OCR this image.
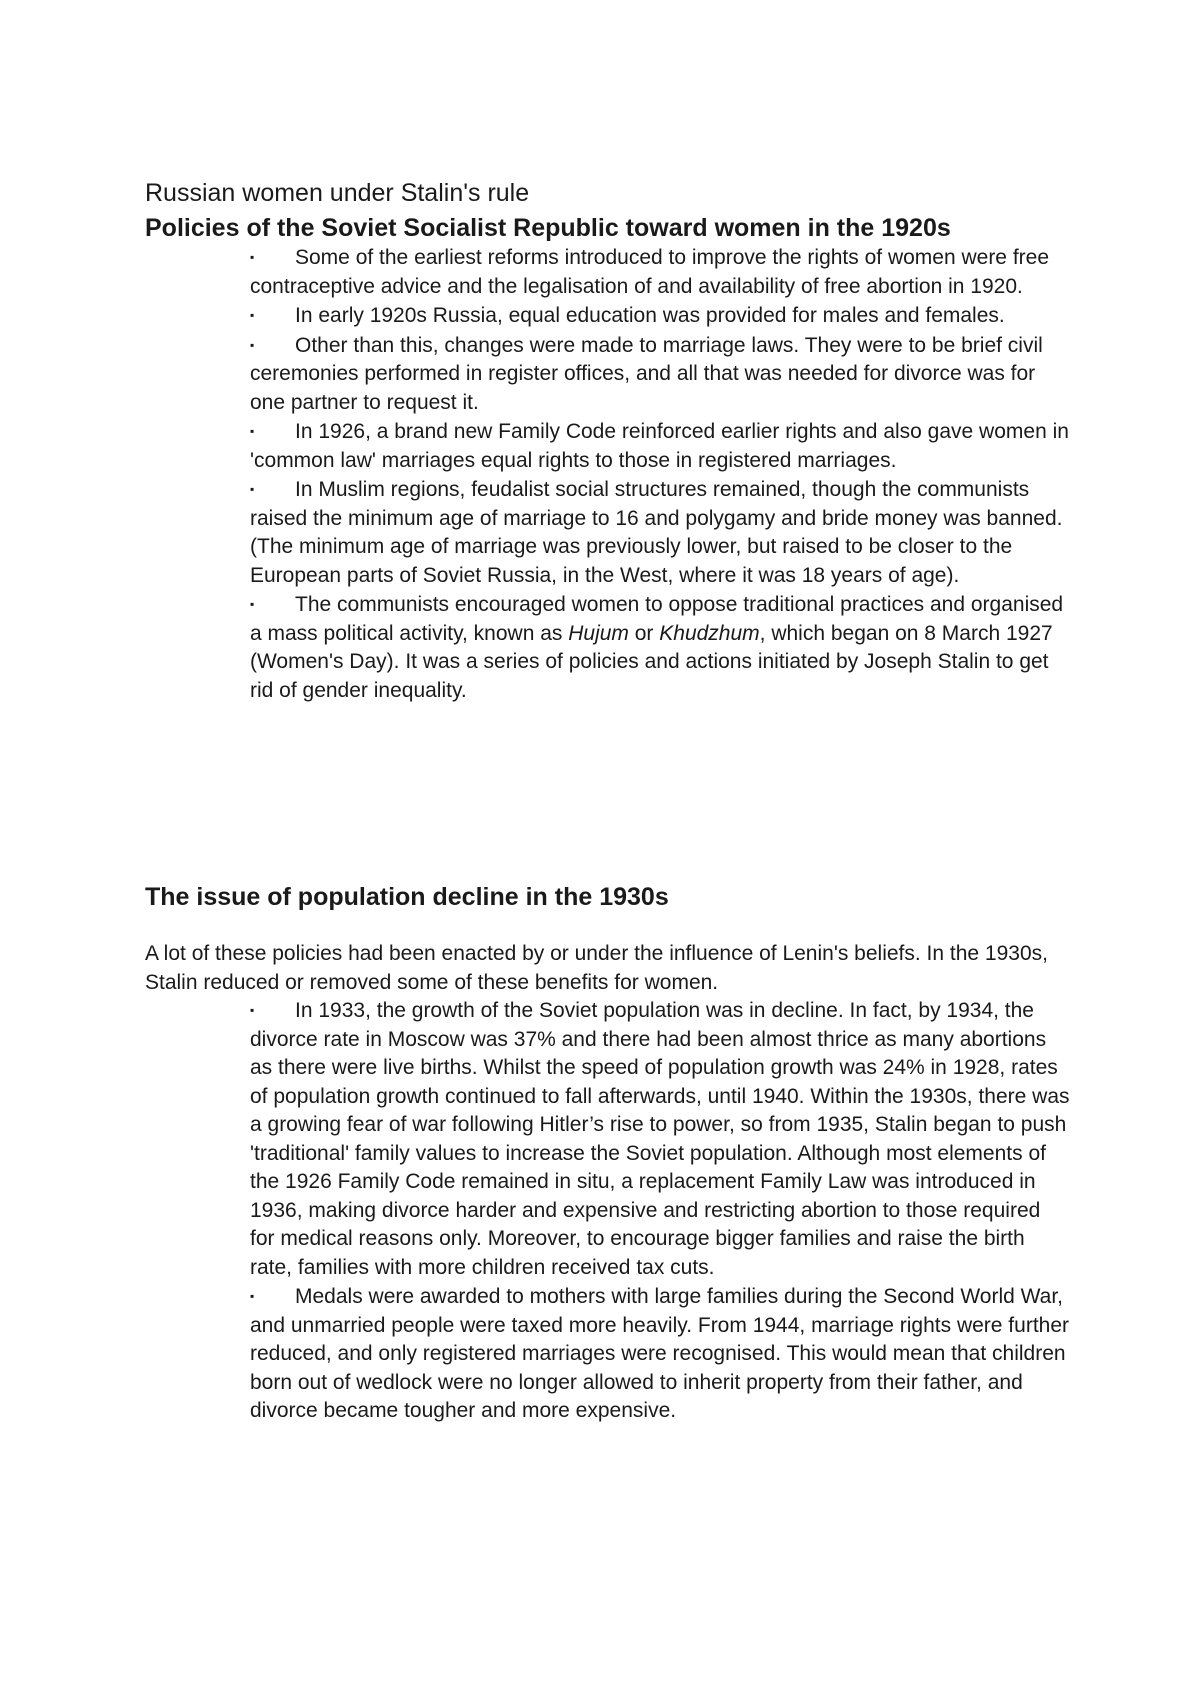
Russian women under Stalin's rule
Policies of the Soviet Socialist Republic toward women in the 1920s
▪ Some of the earliest reforms introduced to improve the rights of women were free contraceptive advice and the legalisation of and availability of free abortion in 1920.
▪ In early 1920s Russia, equal education was provided for males and females.
▪ Other than this, changes were made to marriage laws. They were to be brief civil ceremonies performed in register offices, and all that was needed for divorce was for one partner to request it.
▪ In 1926, a brand new Family Code reinforced earlier rights and also gave women in 'common law' marriages equal rights to those in registered marriages.
▪ In Muslim regions, feudalist social structures remained, though the communists raised the minimum age of marriage to 16 and polygamy and bride money was banned. (The minimum age of marriage was previously lower, but raised to be closer to the European parts of Soviet Russia, in the West, where it was 18 years of age).
▪ The communists encouraged women to oppose traditional practices and organised a mass political activity, known as Hujum or Khudzhum, which began on 8 March 1927 (Women's Day). It was a series of policies and actions initiated by Joseph Stalin to get rid of gender inequality.
The issue of population decline in the 1930s

A lot of these policies had been enacted by or under the influence of Lenin's beliefs. In the 1930s, Stalin reduced or removed some of these benefits for women.

▪ In 1933, the growth of the Soviet population was in decline. In fact, by 1934, the divorce rate in Moscow was 37% and there had been almost thrice as many abortions as there were live births. Whilst the speed of population growth was 24% in 1928, rates of population growth continued to fall afterwards, until 1940. Within the 1930s, there was a growing fear of war following Hitler’s rise to power, so from 1935, Stalin began to push 'traditional' family values to increase the Soviet population. Although most elements of the 1926 Family Code remained in situ, a replacement Family Law was introduced in 1936, making divorce harder and expensive and restricting abortion to those required for medical reasons only. Moreover, to encourage bigger families and raise the birth rate, families with more children received tax cuts.
▪ Medals were awarded to mothers with large families during the Second World War, and unmarried people were taxed more heavily. From 1944, marriage rights were further reduced, and only registered marriages were recognised. This would mean that children born out of wedlock were no longer allowed to inherit property from their father, and divorce became tougher and more expensive.
